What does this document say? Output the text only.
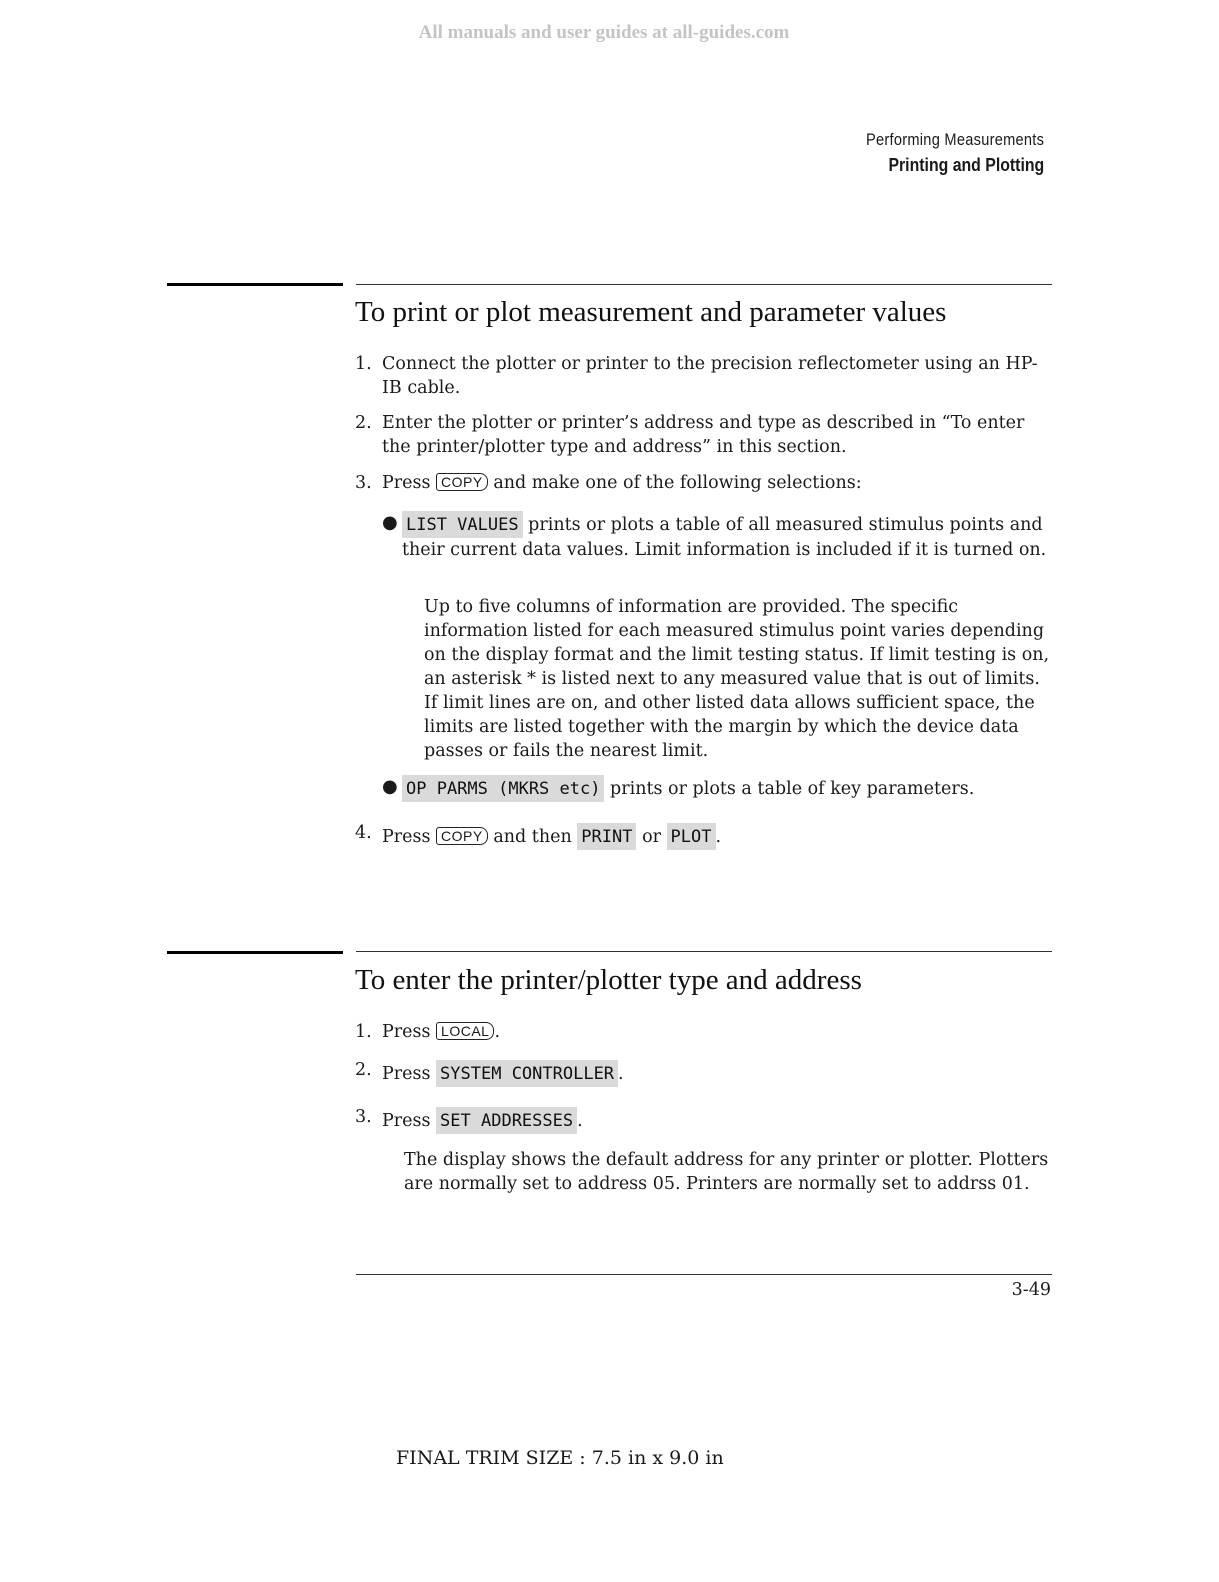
All manuals and user guides at all-guides.com
Performing Measurements
Printing and Plotting
To print or plot measurement and parameter values
1. Connect the plotter or printer to the precision reflectometer using an HP-IB cable.
2. Enter the plotter or printer’s address and type as described in “To enter the printer/plotter type and address” in this section.
3. Press COPY and make one of the following selections:
● LIST VALUES prints or plots a table of all measured stimulus points and their current data values. Limit information is included if it is turned on.
Up to five columns of information are provided. The specific information listed for each measured stimulus point varies depending on the display format and the limit testing status. If limit testing is on, an asterisk * is listed next to any measured value that is out of limits. If limit lines are on, and other listed data allows sufficient space, the limits are listed together with the margin by which the device data passes or fails the nearest limit.
● OP PARMS (MKRS etc) prints or plots a table of key parameters.
4. Press COPY and then PRINT or PLOT .
To enter the printer/plotter type and address
1. Press LOCAL .
2. Press SYSTEM CONTROLLER .
3. Press SET ADDRESSES .
The display shows the default address for any printer or plotter. Plotters are normally set to address 05. Printers are normally set to addrss 01.
3-49
FINAL TRIM SIZE : 7.5 in x 9.0 in
